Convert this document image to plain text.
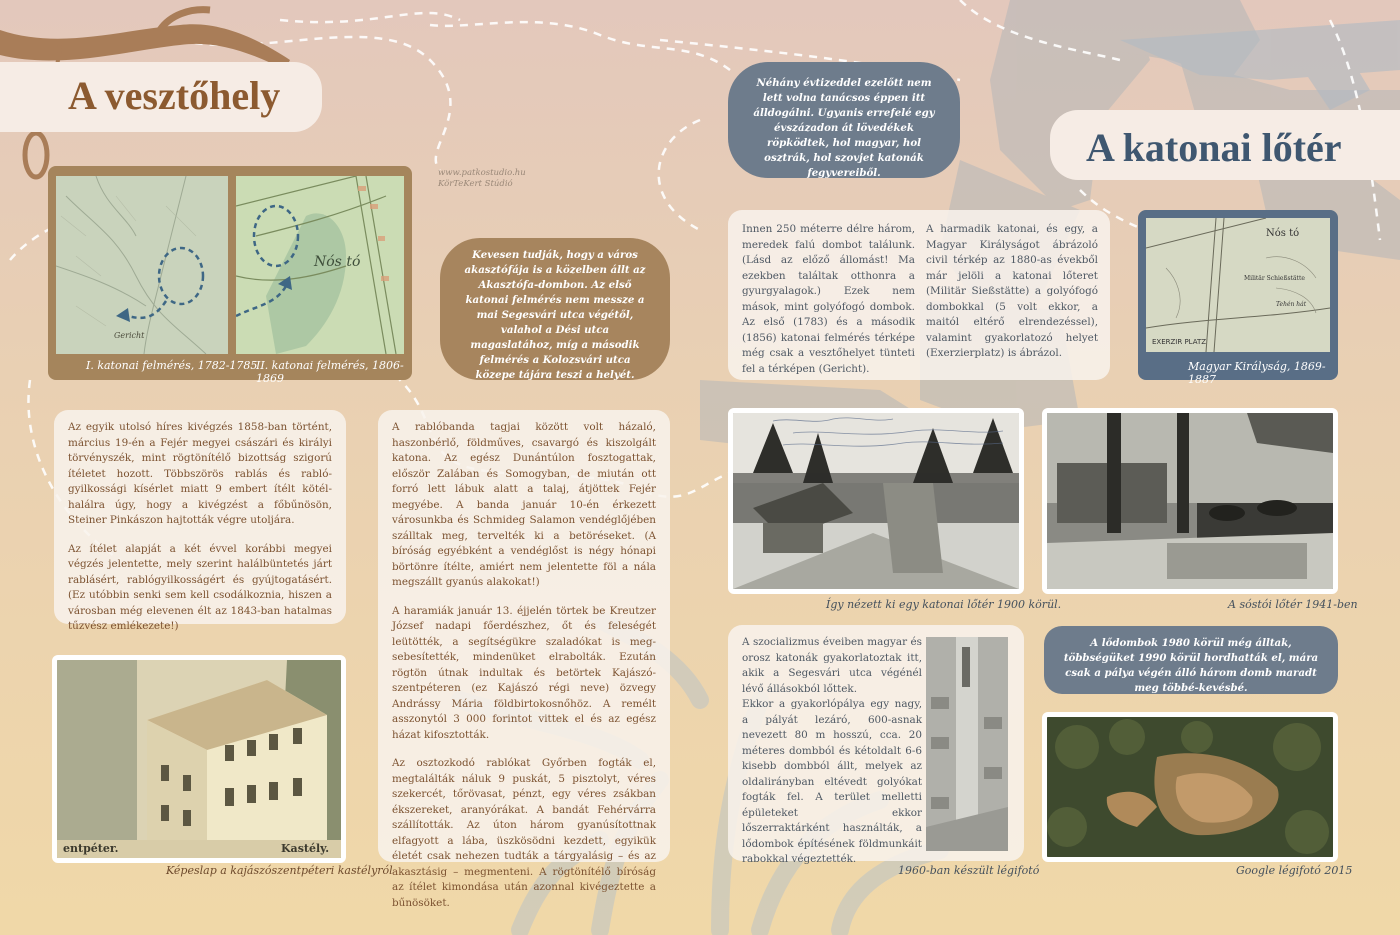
A vesztőhely
A katonai lőtér
www.patkostudio.hu
KörTeKert Stúdió
Gericht
Nós tó
I. katonai felmérés, 1782-1785
II. katonai felmérés, 1806-1869
Kevesen tudják, hogy a város akasztófája is a közelben állt az Akasztófa-dombon. Az első katonai felmérés nem messze a mai Segesvári utca végétől, valahol a Dési utca magaslatához, míg a második felmérés a Kolozsvári utca közepe tájára teszi a helyét.

Az egyik utolsó híres kivégzés 1858-ban történt, március 19-én a Fejér megyei császári és királyi törvényszék, mint rögtönítélő bizottság szigorú ítéletet hozott. Többszörös rablás és rabló-gyilkossági kísérlet miatt 9 embert ítélt kötél-halálra úgy, hogy a kivégzést a főbűnösön, Steiner Pinkászon hajtották végre utoljára.

Az ítélet alapját a két évvel korábbi megyei végzés jelentette, mely szerint halálbüntetés járt rablásért, rablógyilkosságért és gyújtogatásért. (Ez utóbbin senki sem kell csodálkoznia, hiszen a városban még elevenen élt az 1843-ban hatalmas tűzvész emlékezete!)

entpéter.	Kastély.
Képeslap a kajászószentpéteri kastélyról

A rablóbanda tagjai között volt házaló, haszonbérlő, földműves, csavargó és kiszolgált katona. Az egész Dunántúlon fosztogattak, először Zalában és Somogyban, de miután ott forró lett lábuk alatt a talaj, átjöttek Fejér megyébe. A banda január 10-én érkezett városunkba és Schmideg Salamon vendéglőjében szálltak meg, tervelték ki a betöréseket. (A bíróság egyébként a vendéglőst is négy hónapi börtönre ítélte, amiért nem jelentette föl a nála megszállt gyanús alakokat!)

A haramiák január 13. éjjelén törtek be Kreutzer József nadapi főerdészhez, őt és feleségét leütötték, a segítségükre szaladókat is meg-sebesítették, mindenüket elrabolták. Ezután rögtön útnak indultak és betörtek Kajászó-szentpéteren (ez Kajászó régi neve) özvegy Andrássy Mária földbirtokosnőhöz. A remélt asszonytól 3 000 forintot vittek el és az egész házat kifosztották.

Az osztozkodó rablókat Győrben fogták el, megtalálták náluk 9 puskát, 5 pisztolyt, véres szekercét, tőrövasat, pénzt, egy véres zsákban ékszereket, aranyórákat. A bandát Fehérvárra szállították. Az úton három gyanúsítottnak elfagyott a lába, üszkösödni kezdett, egyikük életét csak nehezen tudták a tárgyalásig – és az akasztásig – megmenteni. A rögtönítélő bíróság az ítélet kimondása után azonnal kivégeztette a bűnösöket.

Néhány évtizeddel ezelőtt nem lett volna tanácsos éppen itt álldogálni. Ugyanis errefelé egy évszázadon át lövedékek röpködtek, hol magyar, hol osztrák, hol szovjet katonák fegyvereiből.
Innen 250 méterre délre három, meredek falú dombot találunk. (Lásd az előző állomást! Ma ezekben találtak otthonra a gyurgyalagok.) Ezek nem mások, mint golyófogó dombok. Az első (1783) és a második (1856) katonai felmérés térképe még csak a vesztőhelyet tünteti fel a térképen (Gericht).
A harmadik katonai, és egy, a Magyar Királyságot ábrázoló civil térkép az 1880-as évekből már jelöli a katonai lőteret (Militär Sießstätte) a golyófogó dombokkal (5 volt ekkor, a maitól eltérő elrendezéssel), valamint gyakorlatozó helyet (Exerzierplatz) is ábrázol.
Nós tó
Militär Schießstätte
Tehén hát
EXERZIR PLATZ
Magyar Királyság, 1869-1887
Így nézett ki egy katonai lőtér 1900 körül.	A sóstói lőtér 1941-ben

A szocializmus éveiben magyar és orosz katonák gyakorlatoztak itt, akik a Segesvári utca végénél lévő állásokból lőttek.

Ekkor a gyakorlópálya egy nagy, a pályát lezáró, 600-asnak nevezett 80 m hosszú, cca. 20 méteres dombból és kétoldalt 6-6 kisebb dombból állt, melyek az oldalirányban eltévedt golyókat fogták fel. A terület melletti épületeket ekkor lőszerraktárként használták, a lődombok építésének földmunkáit rabokkal végeztették.

1960-ban készült légifotó
A lődombok 1980 körül még álltak, többségüket 1990 körül hordhatták el, mára csak a pálya végén álló három domb maradt meg többé-kevésbé.
Google légifotó 2015
